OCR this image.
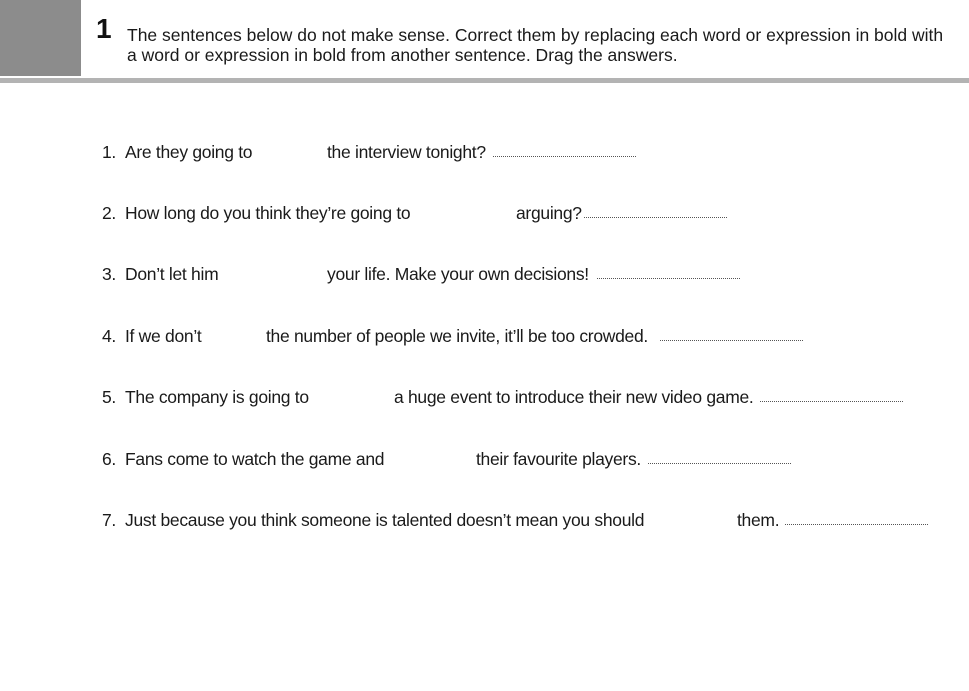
1 The sentences below do not make sense. Correct them by replacing each word or expression in bold with a word or expression in bold from another sentence. Drag the answers.
1. Are they going to	the interview tonight?
2. How long do you think they’re going to	arguing?
3. Don’t let him	your life. Make your own decisions!
4. If we don’t	the number of people we invite, it’ll be too crowded.
5. The company is going to	a huge event to introduce their new video game.
6. Fans come to watch the game and	their favourite players.
7. Just because you think someone is talented doesn’t mean you should	them.
